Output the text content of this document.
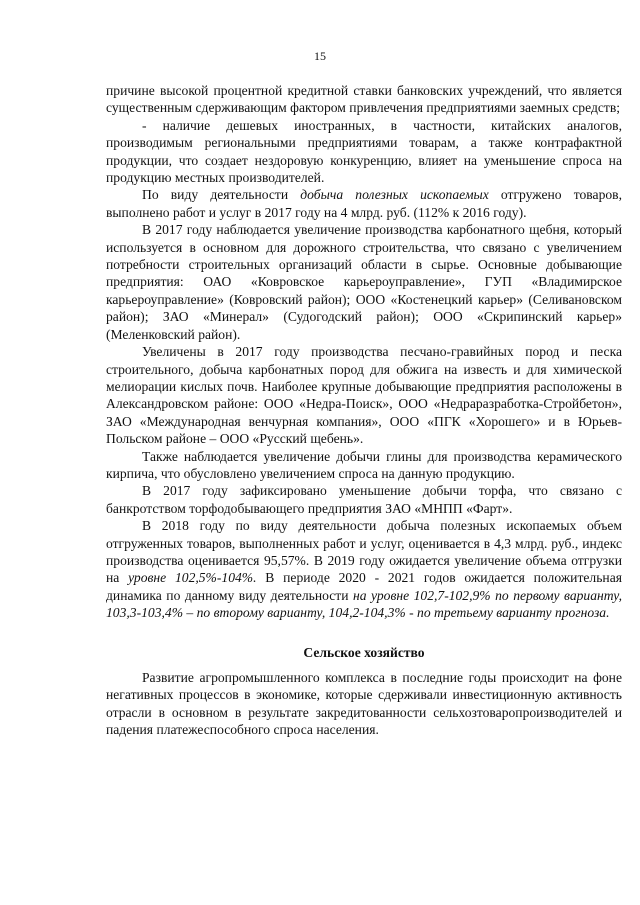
15

причине высокой процентной кредитной ставки банковских учреждений, что является существенным сдерживающим фактором привлечения предприятиями заемных средств;

- наличие дешевых иностранных, в частности, китайских аналогов, производимым региональными предприятиями товарам, а также контрафактной продукции, что создает нездоровую конкуренцию, влияет на уменьшение спроса на продукцию местных производителей.

По виду деятельности добыча полезных ископаемых отгружено товаров, выполнено работ и услуг в 2017 году на 4 млрд. руб. (112% к 2016 году).

В 2017 году наблюдается увеличение производства карбонатного щебня, который используется в основном для дорожного строительства, что связано с увеличением потребности строительных организаций области в сырье. Основные добывающие предприятия: ОАО «Ковровское карьероуправление», ГУП «Владимирское карьероуправление» (Ковровский район); ООО «Костенецкий карьер» (Селивановском район); ЗАО «Минерал» (Судогодский район); ООО «Скрипинский карьер» (Меленковский район).

Увеличены в 2017 году производства песчано-гравийных пород и песка строительного, добыча карбонатных пород для обжига на известь и для химической мелиорации кислых почв. Наиболее крупные добывающие предприятия расположены в Александровском районе: ООО «Недра-Поиск», ООО «Недраразработка-Стройбетон», ЗАО «Международная венчурная компания», ООО «ПГК «Хорошего» и в Юрьев-Польском районе – ООО «Русский щебень».

Также наблюдается увеличение добычи глины для производства керамического кирпича, что обусловлено увеличением спроса на данную продукцию.

В 2017 году зафиксировано уменьшение добычи торфа, что связано с банкротством торфодобывающего предприятия ЗАО «МНПП «Фарт».

В 2018 году по виду деятельности добыча полезных ископаемых объем отгруженных товаров, выполненных работ и услуг, оценивается в 4,3 млрд. руб., индекс производства оценивается 95,57%. В 2019 году ожидается увеличение объема отгрузки на уровне 102,5%-104%. В периоде 2020 - 2021 годов ожидается положительная динамика по данному виду деятельности на уровне 102,7-102,9% по первому варианту, 103,3-103,4% – по второму варианту, 104,2-104,3% - по третьему варианту прогноза.

Сельское хозяйство

Развитие агропромышленного комплекса в последние годы происходит на фоне негативных процессов в экономике, которые сдерживали инвестиционную активность отрасли в основном в результате закредитованности сельхозтоваропроизводителей и падения платежеспособного спроса населения.
